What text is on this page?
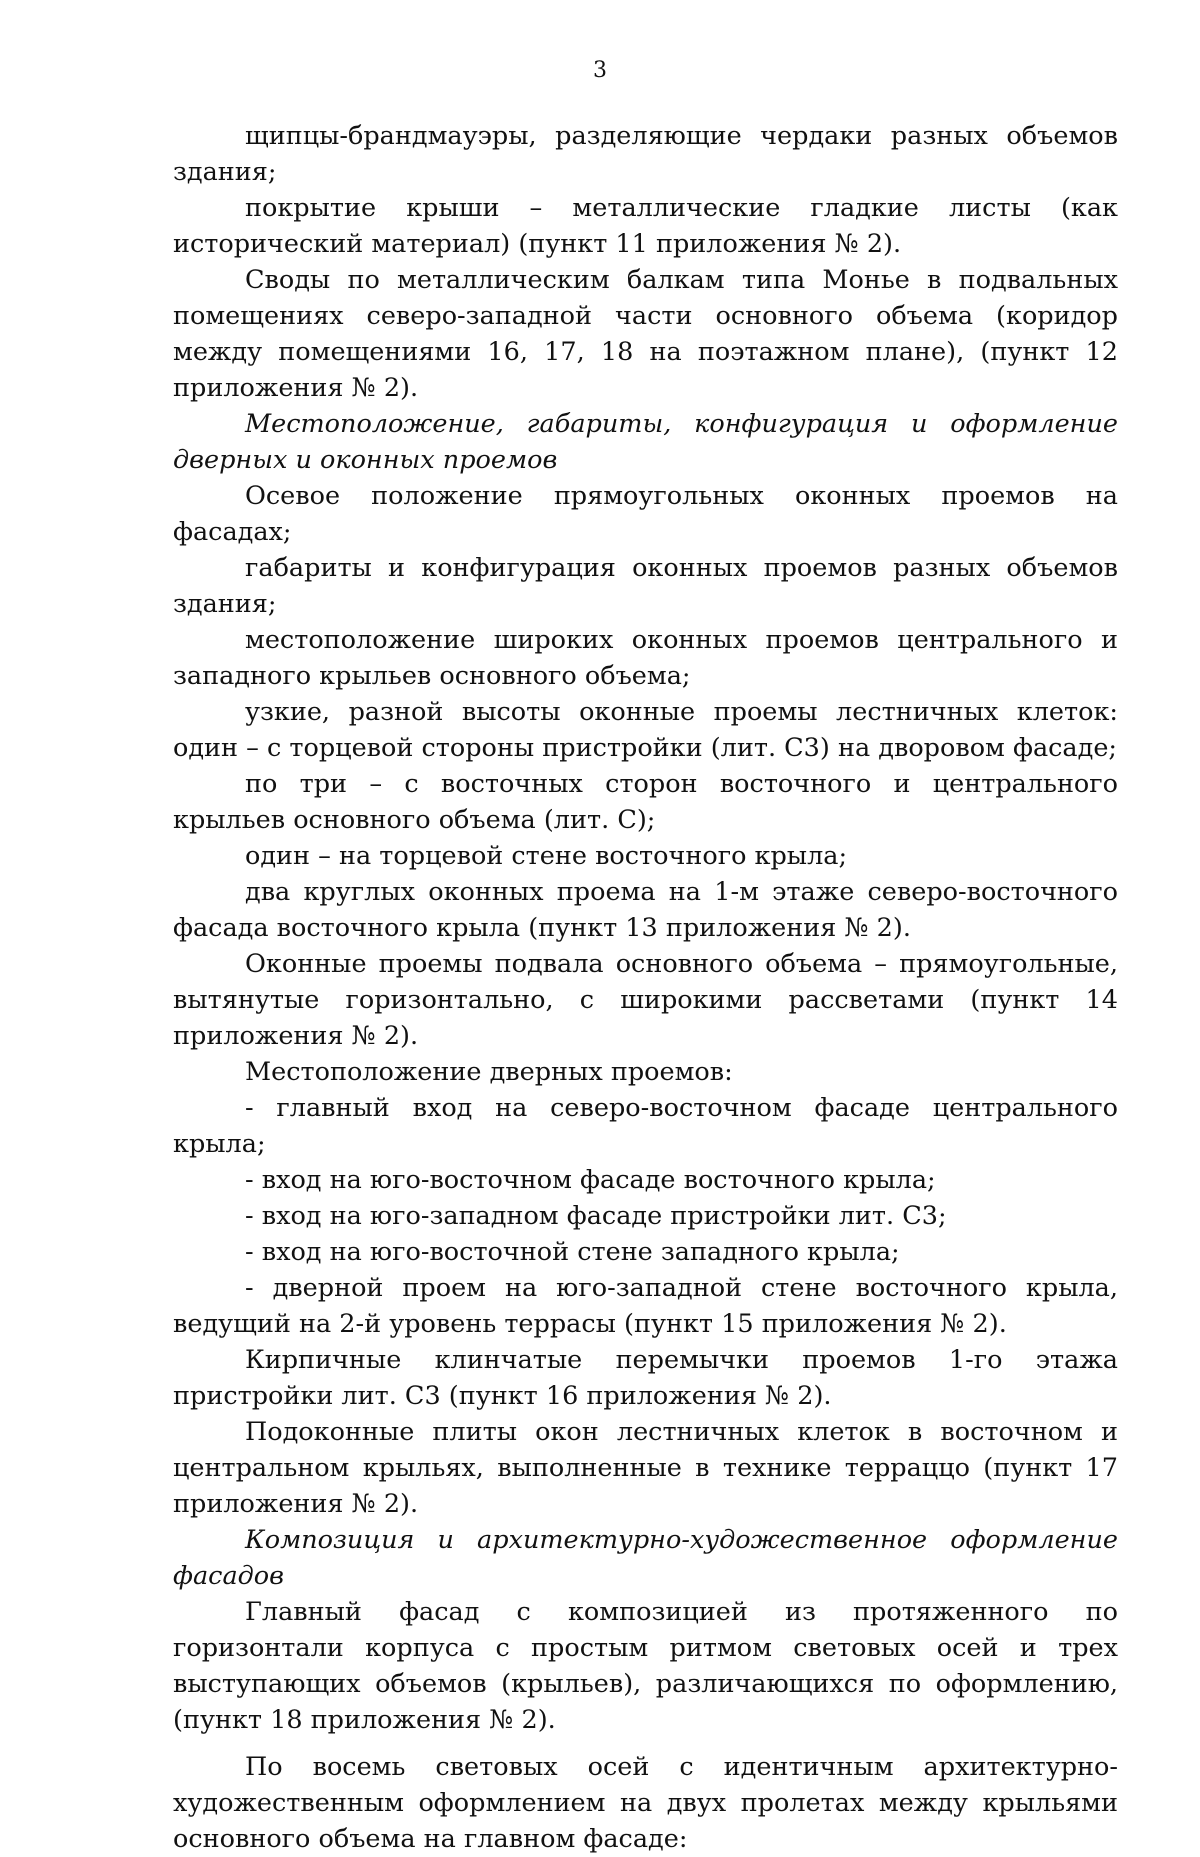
3

щипцы-брандмауэры, разделяющие чердаки разных объемов здания;

покрытие крыши – металлические гладкие листы (как исторический материал) (пункт 11 приложения № 2).

Своды по металлическим балкам типа Монье в подвальных помещениях северо-западной части основного объема (коридор между помещениями 16, 17, 18 на поэтажном плане), (пункт 12 приложения № 2).

Местоположение, габариты, конфигурация и оформление дверных и оконных проемов

Осевое положение прямоугольных оконных проемов на фасадах;

габариты и конфигурация оконных проемов разных объемов здания;

местоположение широких оконных проемов центрального и западного крыльев основного объема;

узкие, разной высоты оконные проемы лестничных клеток: один – с торцевой стороны пристройки (лит. С3) на дворовом фасаде;

по три – с восточных сторон восточного и центрального крыльев основного объема (лит. С);

один – на торцевой стене восточного крыла;

два круглых оконных проема на 1-м этаже северо-восточного фасада восточного крыла (пункт 13 приложения № 2).

Оконные проемы подвала основного объема – прямоугольные, вытянутые горизонтально, с широкими рассветами (пункт 14 приложения № 2).

Местоположение дверных проемов:

- главный вход на северо-восточном фасаде центрального крыла;

- вход на юго-восточном фасаде восточного крыла;

- вход на юго-западном фасаде пристройки лит. С3;

- вход на юго-восточной стене западного крыла;

- дверной проем на юго-западной стене восточного крыла, ведущий на 2-й уровень террасы (пункт 15 приложения № 2).

Кирпичные клинчатые перемычки проемов 1-го этажа пристройки лит. С3 (пункт 16 приложения № 2).

Подоконные плиты окон лестничных клеток в восточном и центральном крыльях, выполненные в технике терраццо (пункт 17 приложения № 2).

Композиция и архитектурно-художественное оформление фасадов

Главный фасад с композицией из протяженного по горизонтали корпуса с простым ритмом световых осей и трех выступающих объемов (крыльев), различающихся по оформлению, (пункт 18 приложения № 2).

По восемь световых осей с идентичным архитектурно-художественным оформлением на двух пролетах между крыльями основного объема на главном фасаде:
